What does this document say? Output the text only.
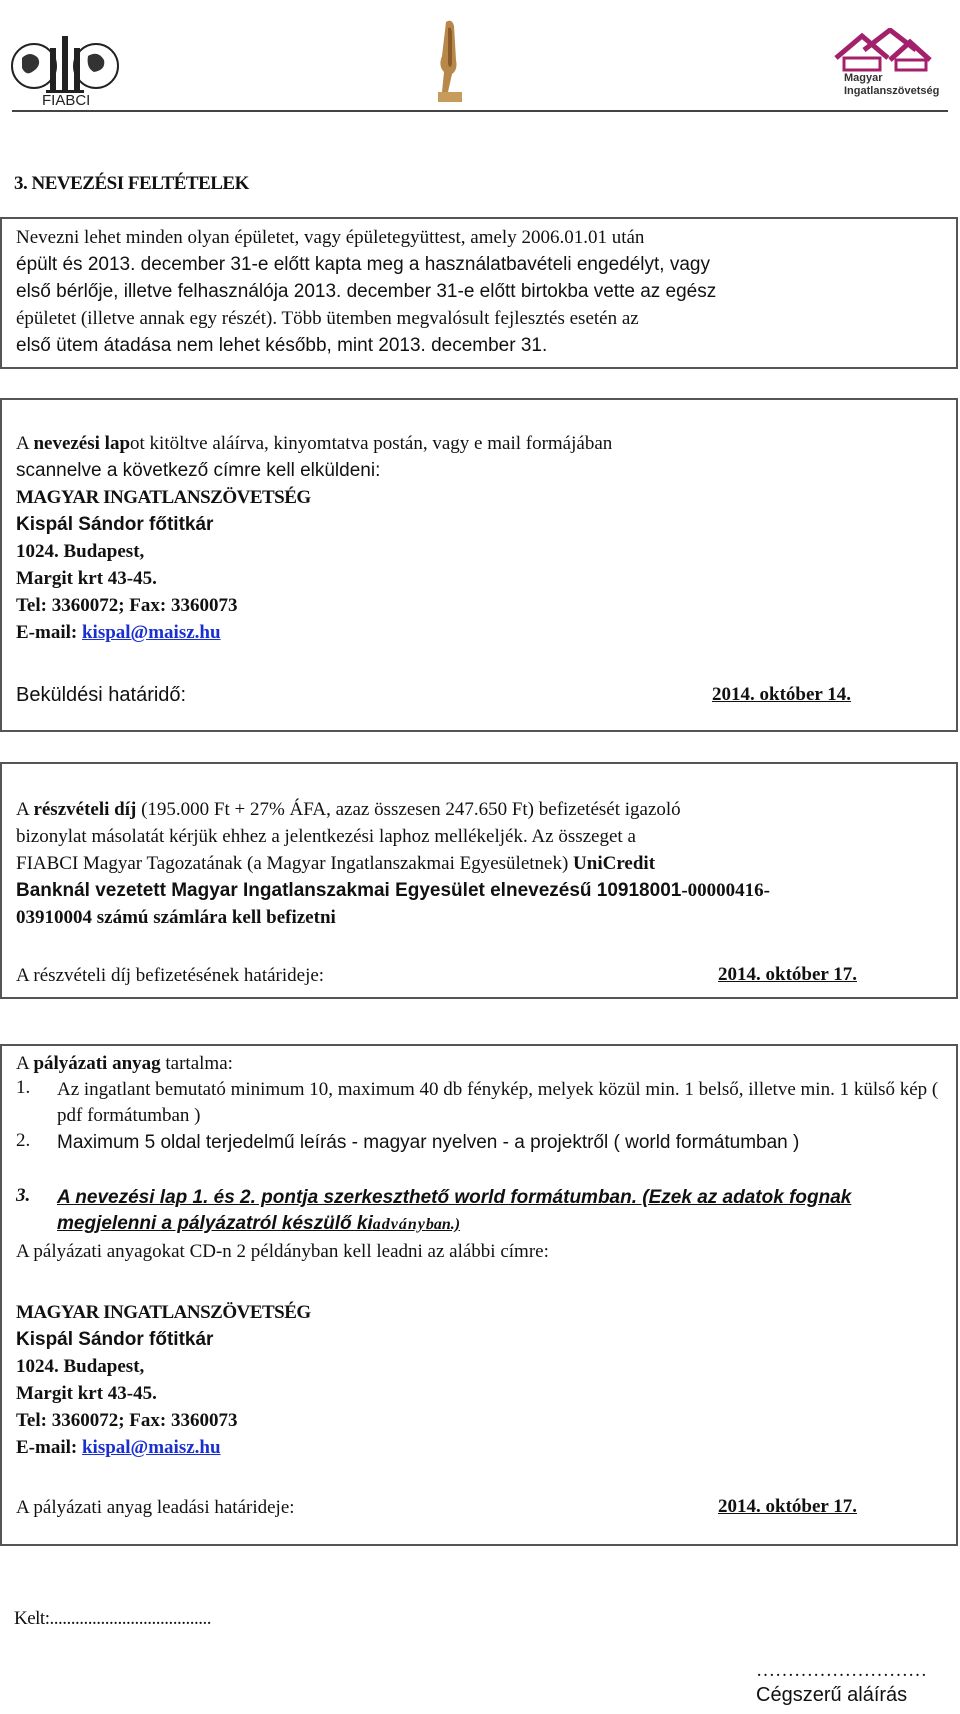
FIABCI
Magyar
Ingatlanszövetség
3. NEVEZÉSI FELTÉTELEK
Nevezni lehet minden olyan épületet, vagy épületegyüttest, amely 2006.01.01 után
épült és 2013. december 31-e előtt kapta meg a használatbavételi engedélyt, vagy
első bérlője, illetve felhasználója 2013. december 31-e előtt birtokba vette az egész
épületet (illetve annak egy részét). Több ütemben megvalósult fejlesztés esetén az
első ütem átadása nem lehet később, mint 2013. december 31.
A nevezési lapot kitöltve aláírva, kinyomtatva postán, vagy e mail formájában
scannelve a következő címre kell elküldeni:
MAGYAR INGATLANSZÖVETSÉG
Kispál Sándor főtitkár
1024. Budapest,
Margit krt 43-45.
Tel: 3360072; Fax: 3360073
E-mail: kispal@maisz.hu
Beküldési határidő:	2014. október 14.
A részvételi díj (195.000 Ft + 27% ÁFA, azaz összesen 247.650 Ft) befizetését igazoló
bizonylat másolatát kérjük ehhez a jelentkezési laphoz mellékeljék. Az összeget a
FIABCI Magyar Tagozatának (a Magyar Ingatlanszakmai Egyesületnek) UniCredit
Banknál vezetett Magyar Ingatlanszakmai Egyesület elnevezésű 10918001-00000416-
03910004 számú számlára kell befizetni
A részvételi díj befizetésének határideje:	2014. október 17.
A pályázati anyag tartalma:
1. Az ingatlant bemutató minimum 10, maximum 40 db fénykép, melyek közül min. 1 belső, illetve min. 1 külső kép ( pdf formátumban )
2. Maximum 5 oldal terjedelmű leírás - magyar nyelven - a projektről ( world formátumban )
3. A nevezési lap 1. és 2. pontja szerkeszthető world formátumban. (Ezek az adatok fognak megjelenni a pályázatról készülő kiadványban.)
A pályázati anyagokat CD-n 2 példányban kell leadni az alábbi címre:
MAGYAR INGATLANSZÖVETSÉG
Kispál Sándor főtitkár
1024. Budapest,
Margit krt 43-45.
Tel: 3360072; Fax: 3360073
E-mail: kispal@maisz.hu
A pályázati anyag leadási határideje:	2014. október 17.
Kelt:......................................
………………………
Cégszerű aláírás
